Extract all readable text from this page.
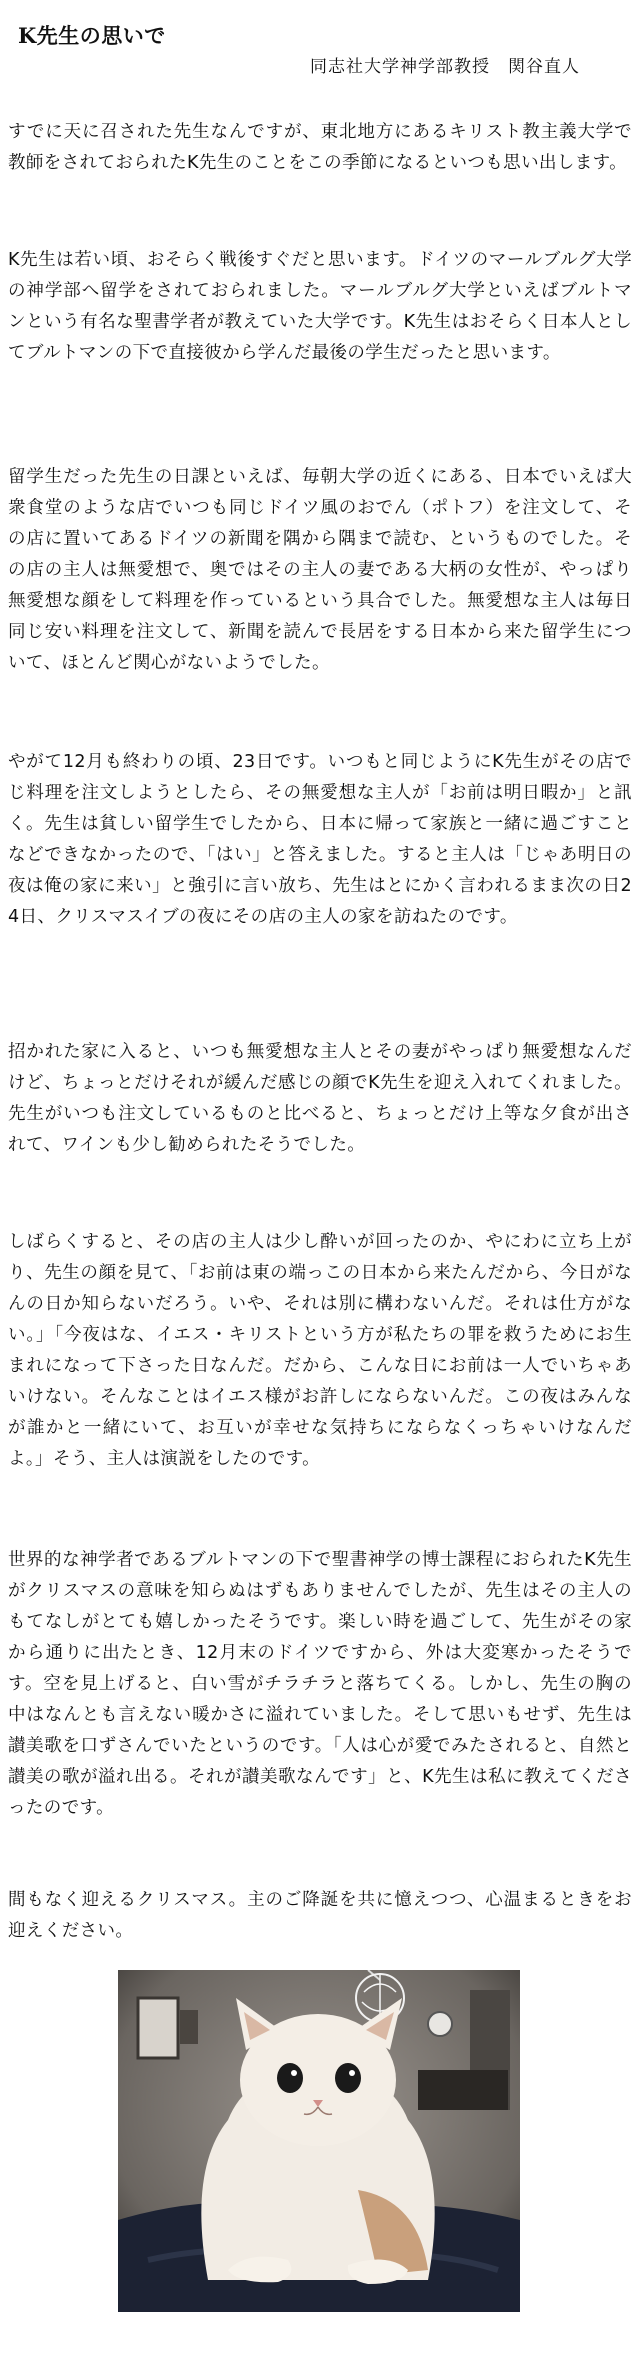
K先生の思いで
同志社大学神学部教授　関谷直人

すでに天に召された先生なんですが、東北地方にあるキリスト教主義大学で教師をされておられたK先生のことをこの季節になるといつも思い出します。

K先生は若い頃、おそらく戦後すぐだと思います。ドイツのマールブルグ大学の神学部へ留学をされておられました。マールブルグ大学といえばブルトマンという有名な聖書学者が教えていた大学です。K先生はおそらく日本人としてブルトマンの下で直接彼から学んだ最後の学生だったと思います。

留学生だった先生の日課といえば、毎朝大学の近くにある、日本でいえば大衆食堂のような店でいつも同じドイツ風のおでん（ポトフ）を注文して、その店に置いてあるドイツの新聞を隅から隅まで読む、というものでした。その店の主人は無愛想で、奥ではその主人の妻である大柄の女性が、やっぱり無愛想な顔をして料理を作っているという具合でした。無愛想な主人は毎日同じ安い料理を注文して、新聞を読んで長居をする日本から来た留学生について、ほとんど関心がないようでした。

やがて12月も終わりの頃、23日です。いつもと同じようにK先生がその店でじ料理を注文しようとしたら、その無愛想な主人が「お前は明日暇か」と訊く。先生は貧しい留学生でしたから、日本に帰って家族と一緒に過ごすことなどできなかったので、「はい」と答えました。すると主人は「じゃあ明日の夜は俺の家に来い」と強引に言い放ち、先生はとにかく言われるまま次の日24日、クリスマスイブの夜にその店の主人の家を訪ねたのです。

招かれた家に入ると、いつも無愛想な主人とその妻がやっぱり無愛想なんだけど、ちょっとだけそれが緩んだ感じの顔でK先生を迎え入れてくれました。先生がいつも注文しているものと比べると、ちょっとだけ上等な夕食が出されて、ワインも少し勧められたそうでした。

しばらくすると、その店の主人は少し酔いが回ったのか、やにわに立ち上がり、先生の顔を見て、「お前は東の端っこの日本から来たんだから、今日がなんの日か知らないだろう。いや、それは別に構わないんだ。それは仕方がない。」「今夜はな、イエス・キリストという方が私たちの罪を救うためにお生まれになって下さった日なんだ。だから、こんな日にお前は一人でいちゃあいけない。そんなことはイエス様がお許しにならないんだ。この夜はみんなが誰かと一緒にいて、お互いが幸せな気持ちにならなくっちゃいけなんだよ。」そう、主人は演説をしたのです。

世界的な神学者であるブルトマンの下で聖書神学の博士課程におられたK先生がクリスマスの意味を知らぬはずもありませんでしたが、先生はその主人のもてなしがとても嬉しかったそうです。楽しい時を過ごして、先生がその家から通りに出たとき、12月末のドイツですから、外は大変寒かったそうです。空を見上げると、白い雪がチラチラと落ちてくる。しかし、先生の胸の中はなんとも言えない暖かさに溢れていました。そして思いもせず、先生は讃美歌を口ずさんでいたというのです。「人は心が愛でみたされると、自然と讃美の歌が溢れ出る。それが讃美歌なんです」と、K先生は私に教えてくださったのです。

間もなく迎えるクリスマス。主のご降誕を共に憶えつつ、心温まるときをお迎えください。
